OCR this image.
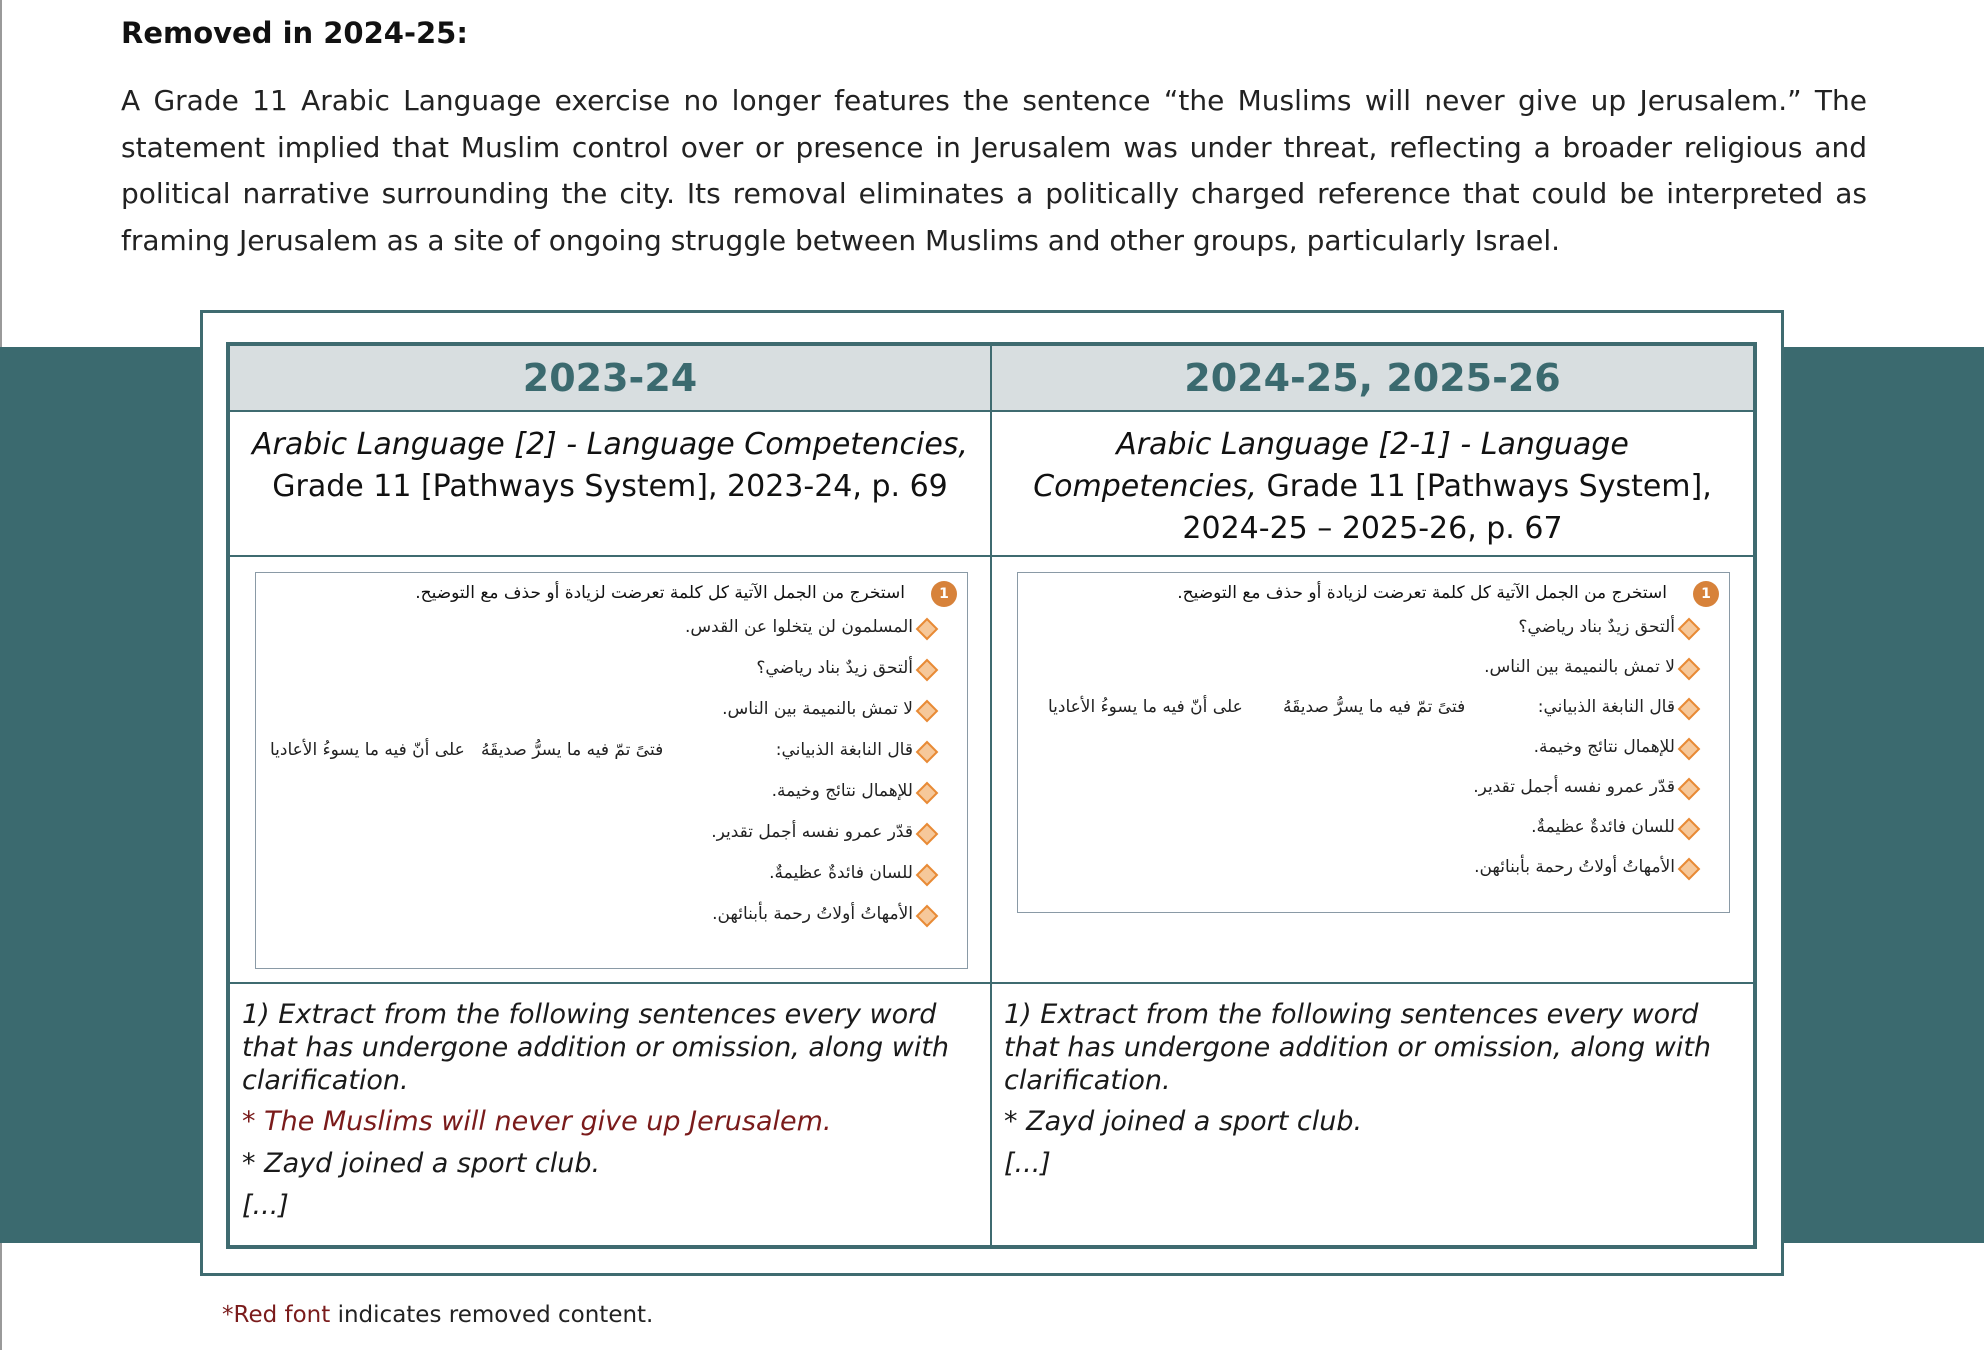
Removed in 2024-25:

A Grade 11 Arabic Language exercise no longer features the sentence “the Muslims will never give up Jerusalem.” The statement implied that Muslim control over or presence in Jerusalem was under threat, reflecting a broader religious and political narrative surrounding the city. Its removal eliminates a politically charged reference that could be interpreted as framing Jerusalem as a site of ongoing struggle between Muslims and other groups, particularly Israel.

2023-24	2024-25, 2025-26
Arabic Language [2] - Language Competencies, Grade 11 [Pathways System], 2023-24, p. 69
Arabic Language [2-1] - Language Competencies, Grade 11 [Pathways System], 2024-25 – 2025-26, p. 67
1
استخرج من الجمل الآتية كل كلمة تعرضت لزيادة أو حذف مع التوضيح.
المسلمون لن يتخلوا عن القدس.
ألتحق زيدٌ بناد رياضي؟
لا تمش بالنميمة بين الناس.
قال النابغة الذبياني:
فتىً تمّ فيه ما يسرُّ صديقَهُ
على أنّ فيه ما يسوءُ الأعاديا
للإهمال نتائج وخيمة.
قدّر عمرو نفسه أجمل تقدير.
للسان فائدةٌ عظيمةٌ.
الأمهاتُ أولاتُ رحمة بأبنائهن.
1
استخرج من الجمل الآتية كل كلمة تعرضت لزيادة أو حذف مع التوضيح.
ألتحق زيدٌ بناد رياضي؟
لا تمش بالنميمة بين الناس.
قال النابغة الذبياني:
فتىً تمّ فيه ما يسرُّ صديقَهُ
على أنّ فيه ما يسوءُ الأعاديا
للإهمال نتائج وخيمة.
قدّر عمرو نفسه أجمل تقدير.
للسان فائدةٌ عظيمةٌ.
الأمهاتُ أولاتُ رحمة بأبنائهن.

1) Extract from the following sentences every word that has undergone addition or omission, along with clarification.

* The Muslims will never give up Jerusalem.

* Zayd joined a sport club.

[...]

1) Extract from the following sentences every word that has undergone addition or omission, along with clarification.

* Zayd joined a sport club.

[...]

*Red font indicates removed content.
